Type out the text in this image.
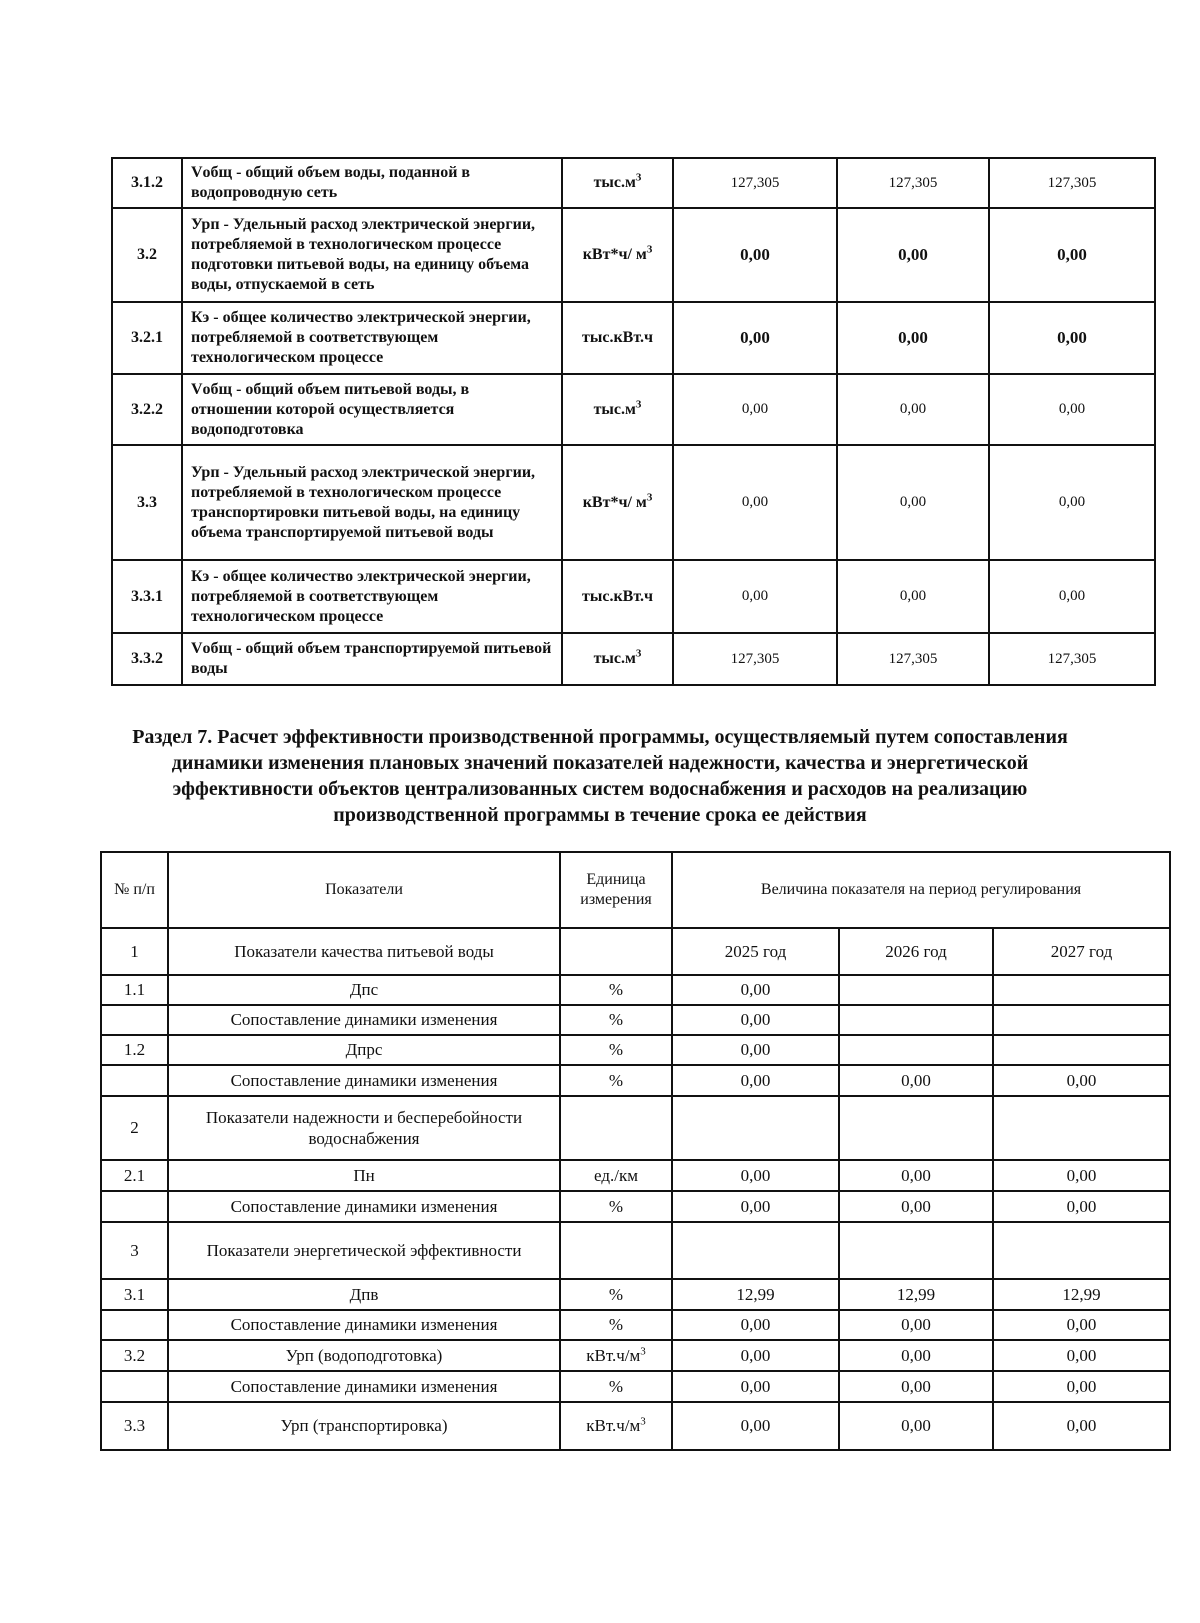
3.1.2	Vобщ - общий объем воды, поданной в водопроводную сеть	$тыс.м^3$	127,305	127,305	127,305
3.2	Урп - Удельный расход электрической энергии, потребляемой в технологическом процессе подготовки питьевой воды, на единицу объема воды, отпускаемой в сеть	кВт*ч/ $м^3$	0,00	0,00	0,00
3.2.1	Кэ - общее количество электрической энергии, потребляемой в соответствующем технологическом процессе	тыс.кВт.ч	0,00	0,00	0,00
3.2.2	Vобщ - общий объем питьевой воды, в отношении которой осуществляется водоподготовка	$тыс.м^3$	0,00	0,00	0,00
3.3	Урп - Удельный расход электрической энергии, потребляемой в технологическом процессе транспортировки питьевой воды, на единицу объема транспортируемой питьевой воды	кВт*ч/ $м^3$	0,00	0,00	0,00
3.3.1	Кэ - общее количество электрической энергии, потребляемой в соответствующем технологическом процессе	тыс.кВт.ч	0,00	0,00	0,00
3.3.2	Vобщ - общий объем транспортируемой питьевой воды	$тыс.м^3$	127,305	127,305	127,305
Раздел 7. Расчет эффективности производственной программы, осуществляемый путем сопоставления динамики изменения плановых значений показателей надежности, качества и энергетической эффективности объектов централизованных систем водоснабжения и расходов на реализацию производственной программы в течение срока ее действия
№ п/п	Показатели	Единица измерения	Величина показателя на период регулирования		
1	Показатели качества питьевой воды		2025 год	2026 год	2027 год
1.1	Дпс	%	0,00		
	Сопоставление динамики изменения	%	0,00		
1.2	Дпрс	%	0,00		
	Сопоставление динамики изменения	%	0,00	0,00	0,00
2	Показатели надежности и бесперебойности водоснабжения				
2.1	Пн	ед./км	0,00	0,00	0,00
	Сопоставление динамики изменения	%	0,00	0,00	0,00
3	Показатели энергетической эффективности				
3.1	Дпв	%	12,99	12,99	12,99
	Сопоставление динамики изменения	%	0,00	0,00	0,00
3.2	Урп (водоподготовка)	$кВт.ч/м^3$	0,00	0,00	0,00
	Сопоставление динамики изменения	%	0,00	0,00	0,00
3.3	Урп (транспортировка)	$кВт.ч/м^3$	0,00	0,00	0,00
